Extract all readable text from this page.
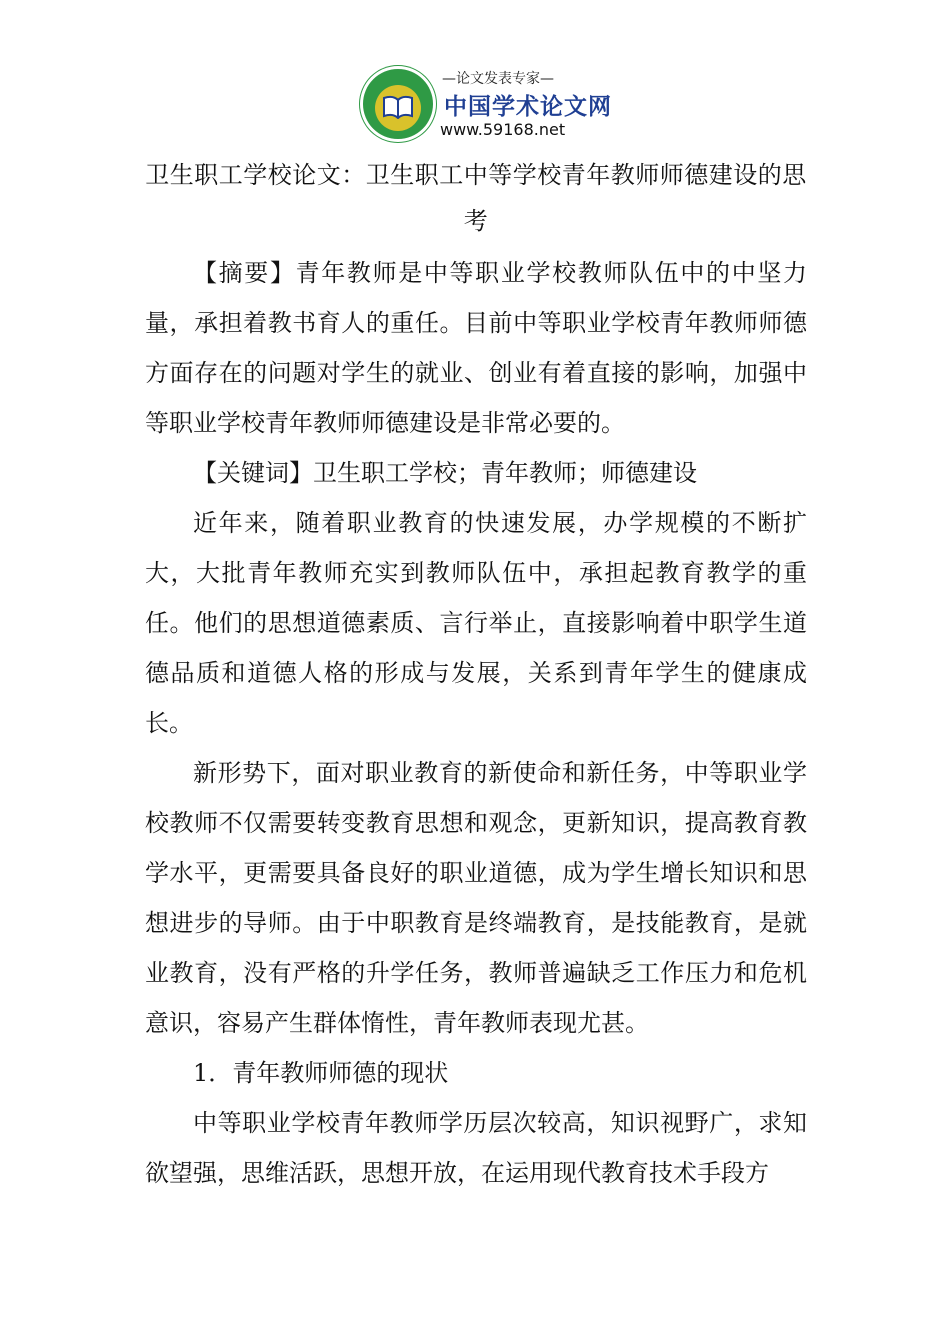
—论文发表专家—
中国学术论文网
www.59168.net
卫生职工学校论文：卫生职工中等学校青年教师师德建设的思考

【摘要】青年教师是中等职业学校教师队伍中的中坚力量，承担着教书育人的重任。目前中等职业学校青年教师师德方面存在的问题对学生的就业、创业有着直接的影响，加强中等职业学校青年教师师德建设是非常必要的。

【关键词】卫生职工学校；青年教师；师德建设

近年来，随着职业教育的快速发展，办学规模的不断扩大，大批青年教师充实到教师队伍中，承担起教育教学的重任。他们的思想道德素质、言行举止，直接影响着中职学生道德品质和道德人格的形成与发展，关系到青年学生的健康成长。

新形势下，面对职业教育的新使命和新任务，中等职业学校教师不仅需要转变教育思想和观念，更新知识，提高教育教学水平，更需要具备良好的职业道德，成为学生增长知识和思想进步的导师。由于中职教育是终端教育，是技能教育，是就业教育，没有严格的升学任务，教师普遍缺乏工作压力和危机意识，容易产生群体惰性，青年教师表现尤甚。

1．青年教师师德的现状

中等职业学校青年教师学历层次较高，知识视野广，求知欲望强，思维活跃，思想开放，在运用现代教育技术手段方
